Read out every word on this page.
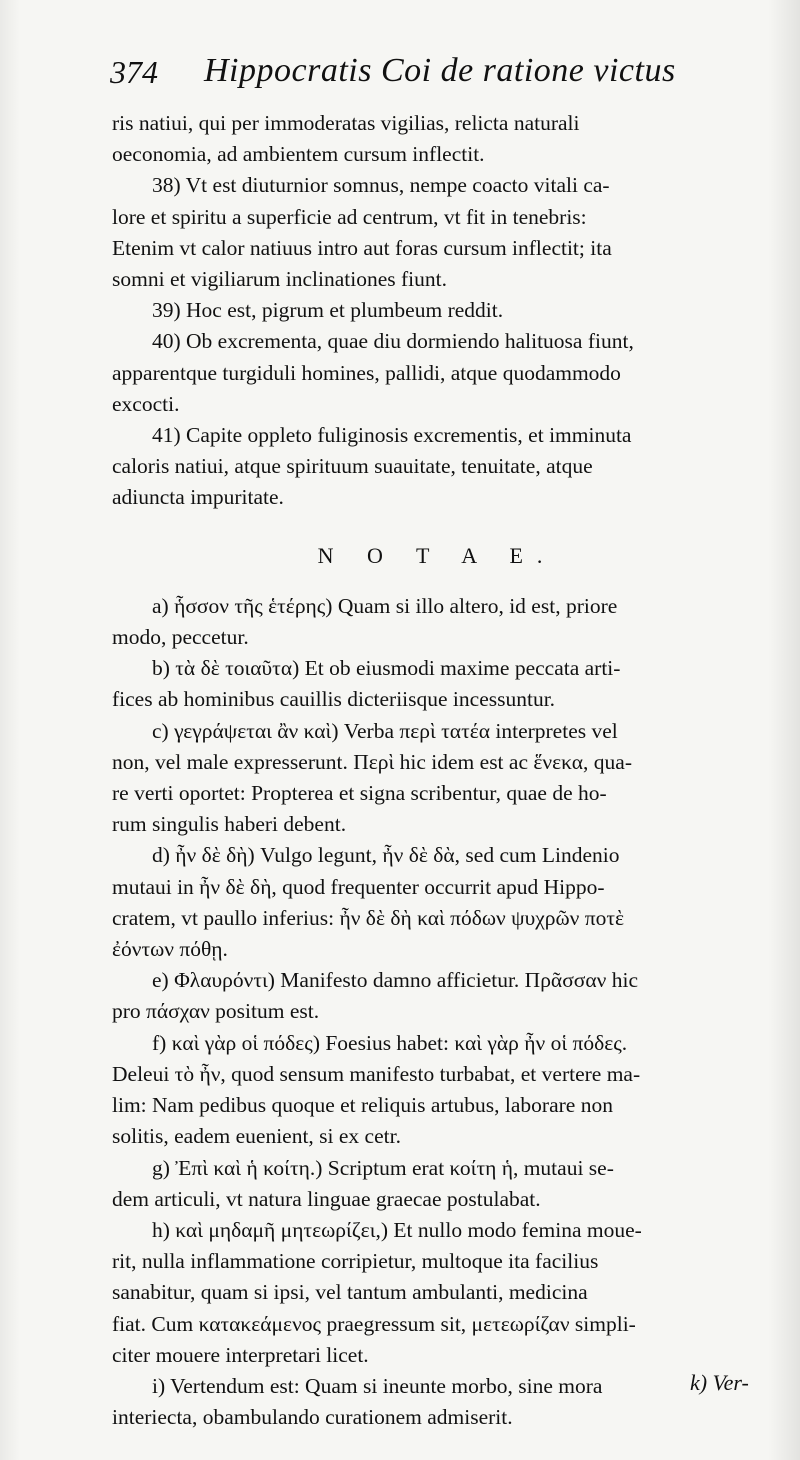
374 Hippocratis Coi de ratione victus
ris natiui, qui per immoderatas vigilias, relicta naturali
oeconomia, ad ambientem cursum inflectit.
38) Vt est diuturnior somnus, nempe coacto vitali ca-
lore et spiritu a superficie ad centrum, vt fit in tenebris:
Etenim vt calor natiuus intro aut foras cursum inflectit; ita
somni et vigiliarum inclinationes fiunt.
39) Hoc est, pigrum et plumbeum reddit.
40) Ob excrementa, quae diu dormiendo halituosa fiunt,
apparentque turgiduli homines, pallidi, atque quodammodo
excocti.
41) Capite oppleto fuliginosis excrementis, et imminuta
caloris natiui, atque spirituum suauitate, tenuitate, atque
adiuncta impuritate.
N O T A E.
a) ἧσσον τῆς ἑτέρης) Quam si illo altero, id est, priore
modo, peccetur.
b) τὰ δὲ τοιαῦτα) Et ob eiusmodi maxime peccata arti-
fices ab hominibus cauillis dicteriisque incessuntur.
c) γεγράψεται ἂν καὶ) Verba περὶ τατέα interpretes vel
non, vel male expresserunt. Περὶ hic idem est ac ἕνεκα, qua-
re verti oportet: Propterea et signa scribentur, quae de ho-
rum singulis haberi debent.
d) ἦν δὲ δὴ) Vulgo legunt, ἦν δὲ δὰ, sed cum Lindenio
mutaui in ἦν δὲ δὴ, quod frequenter occurrit apud Hippo-
cratem, vt paullo inferius: ἦν δὲ δὴ καὶ πόδων ψυχρῶν ποτὲ
ἐόντων πόθῃ.
e) Φλαυρόντι) Manifesto damno afficietur. Πρᾶσσαν hic
pro πάσχαν positum est.
f) καὶ γὰρ οἱ πόδες) Foesius habet: καὶ γὰρ ἦν οἱ πόδες.
Deleui τὸ ἦν, quod sensum manifesto turbabat, et vertere ma-
lim: Nam pedibus quoque et reliquis artubus, laborare non
solitis, eadem euenient, si ex cetr.
g) Ἐπὶ καὶ ἡ κοίτη.) Scriptum erat κοίτη ἡ, mutaui se-
dem articuli, vt natura linguae graecae postulabat.
h) καὶ μηδαμῆ μητεωρίζει,) Et nullo modo femina moue-
rit, nulla inflammatione corripietur, multoque ita facilius
sanabitur, quam si ipsi, vel tantum ambulanti, medicina
fiat. Cum κατακεάμενος praegressum sit, μετεωρίζαν simpli-
citer mouere interpretari licet.
i) Vertendum est: Quam si ineunte morbo, sine mora
interiecta, obambulando curationem admiserit.
k) Ver-
